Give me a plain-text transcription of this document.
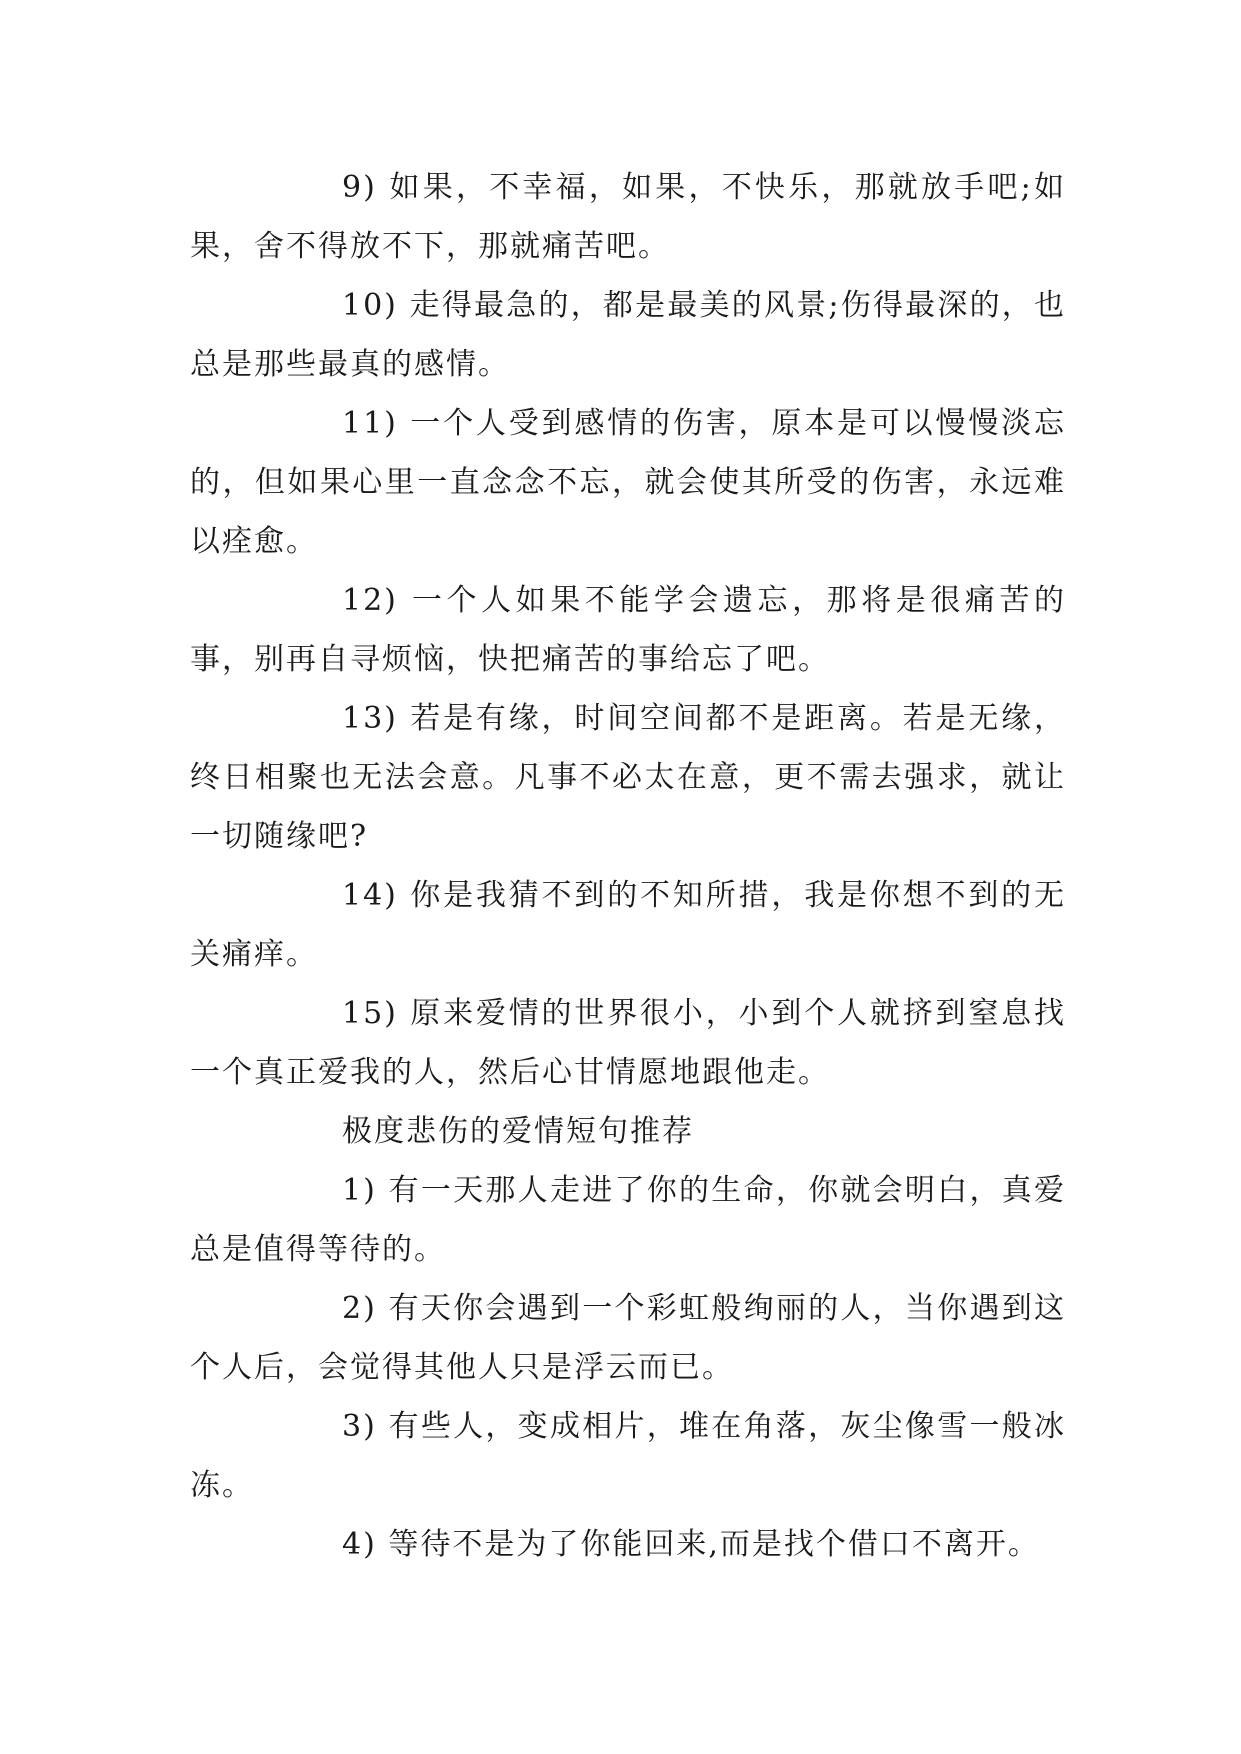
9) 如果，不幸福，如果，不快乐，那就放手吧;如果，舍不得放不下，那就痛苦吧。

10) 走得最急的，都是最美的风景;伤得最深的，也总是那些最真的感情。

11) 一个人受到感情的伤害，原本是可以慢慢淡忘的，但如果心里一直念念不忘，就会使其所受的伤害，永远难以痊愈。

12) 一个人如果不能学会遗忘，那将是很痛苦的事，别再自寻烦恼，快把痛苦的事给忘了吧。

13) 若是有缘，时间空间都不是距离。若是无缘，终日相聚也无法会意。凡事不必太在意，更不需去强求，就让一切随缘吧?

14) 你是我猜不到的不知所措，我是你想不到的无关痛痒。

15) 原来爱情的世界很小，小到个人就挤到窒息找一个真正爱我的人，然后心甘情愿地跟他走。

极度悲伤的爱情短句推荐

1) 有一天那人走进了你的生命，你就会明白，真爱总是值得等待的。

2) 有天你会遇到一个彩虹般绚丽的人，当你遇到这个人后，会觉得其他人只是浮云而已。

3) 有些人，变成相片，堆在角落，灰尘像雪一般冰冻。

4) 等待不是为了你能回来,而是找个借口不离开。
